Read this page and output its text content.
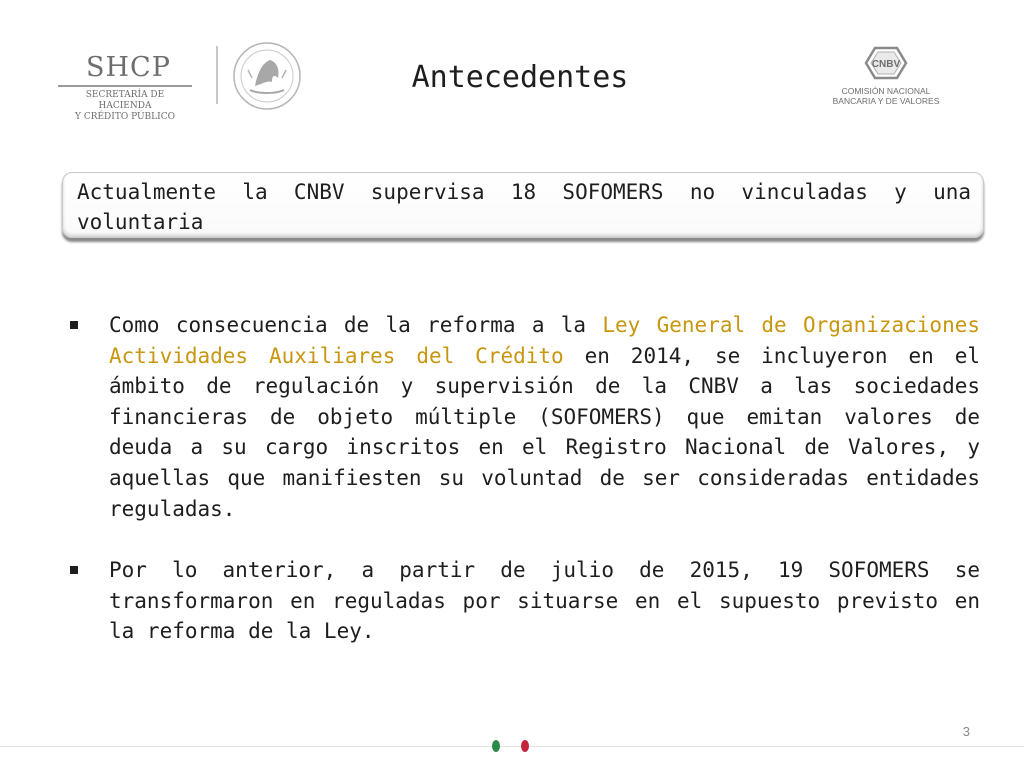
SHCP
SECRETARÍA DE HACIENDA
Y CRÉDITO PÚBLICO
Antecedentes	CNBV
COMISIÓN NACIONAL
BANCARIA Y DE VALORES
Actualmente la CNBV supervisa 18 SOFOMERS no vinculadas y una voluntaria
Como consecuencia de la reforma a la Ley General de Organizaciones Actividades Auxiliares del Crédito en 2014, se incluyeron en el ámbito de regulación y supervisión de la CNBV a las sociedades financieras de objeto múltiple (SOFOMERS) que emitan valores de deuda a su cargo inscritos en el Registro Nacional de Valores, y aquellas que manifiesten su voluntad de ser consideradas entidades reguladas.
Por lo anterior, a partir de julio de 2015, 19 SOFOMERS se transformaron en reguladas por situarse en el supuesto previsto en la reforma de la Ley.
3
